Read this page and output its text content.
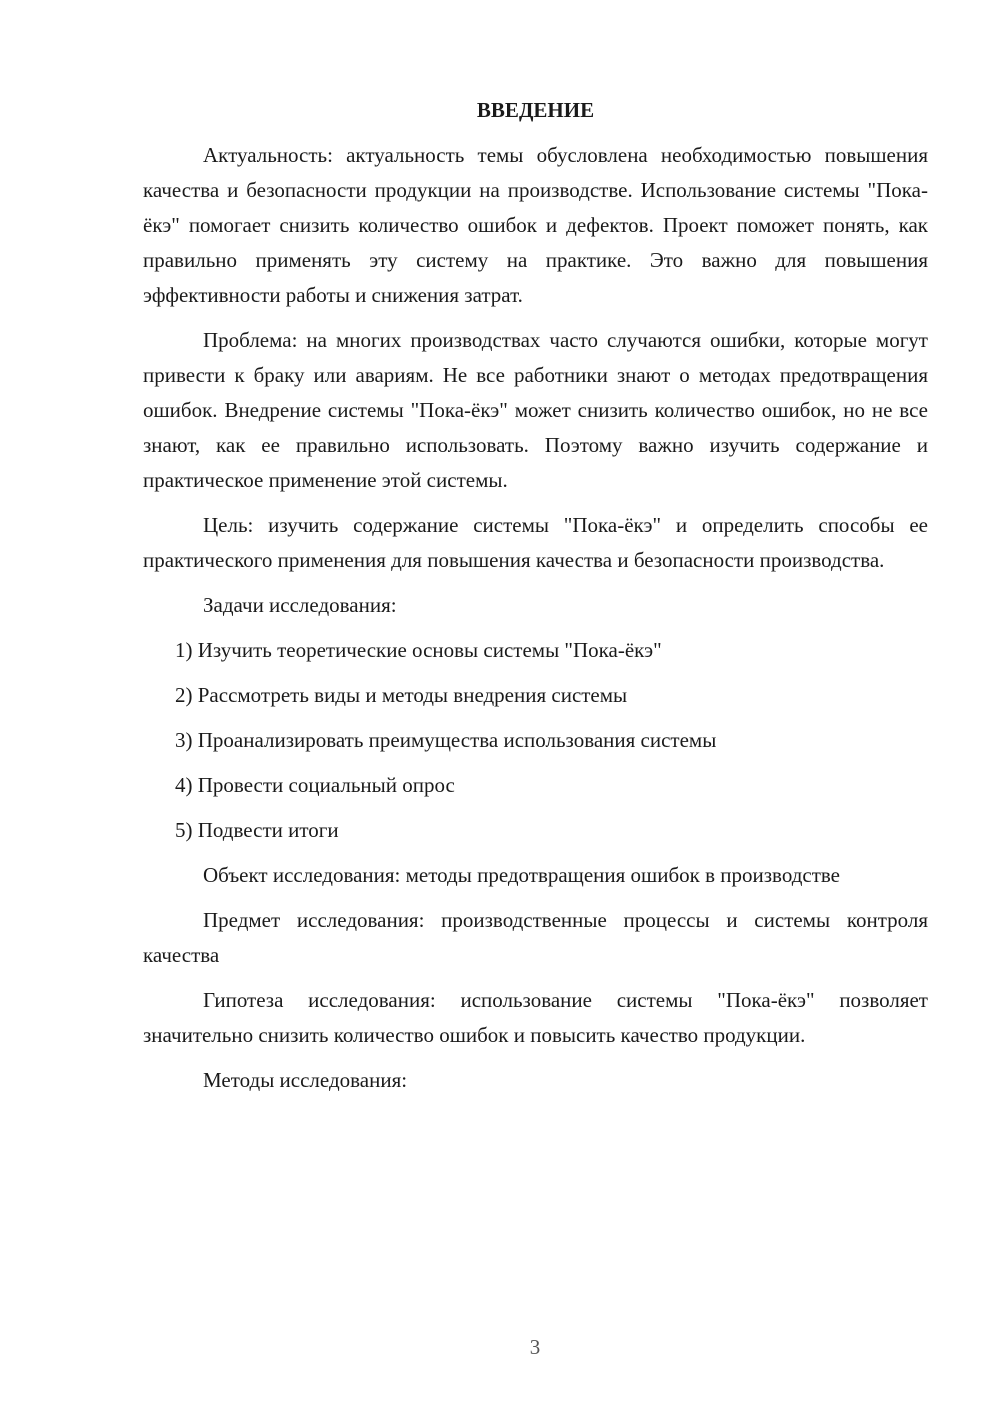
ВВЕДЕНИЕ

Актуальность: актуальность темы обусловлена необходимостью повышения качества и безопасности продукции на производстве. Использование системы "Пока-ёкэ" помогает снизить количество ошибок и дефектов. Проект поможет понять, как правильно применять эту систему на практике. Это важно для повышения эффективности работы и снижения затрат.

Проблема: на многих производствах часто случаются ошибки, которые могут привести к браку или авариям. Не все работники знают о методах предотвращения ошибок. Внедрение системы "Пока-ёкэ" может снизить количество ошибок, но не все знают, как ее правильно использовать. Поэтому важно изучить содержание и практическое применение этой системы.

Цель: изучить содержание системы "Пока-ёкэ" и определить способы ее практического применения для повышения качества и безопасности производства.

Задачи исследования:
1) Изучить теоретические основы системы "Пока-ёкэ"
2) Рассмотреть виды и методы внедрения системы
3) Проанализировать преимущества использования системы
4) Провести социальный опрос
5) Подвести итоги

Объект исследования: методы предотвращения ошибок в производстве

Предмет исследования: производственные процессы и системы контроля качества

Гипотеза исследования: использование системы "Пока-ёкэ" позволяет значительно снизить количество ошибок и повысить качество продукции.

Методы исследования:
3
